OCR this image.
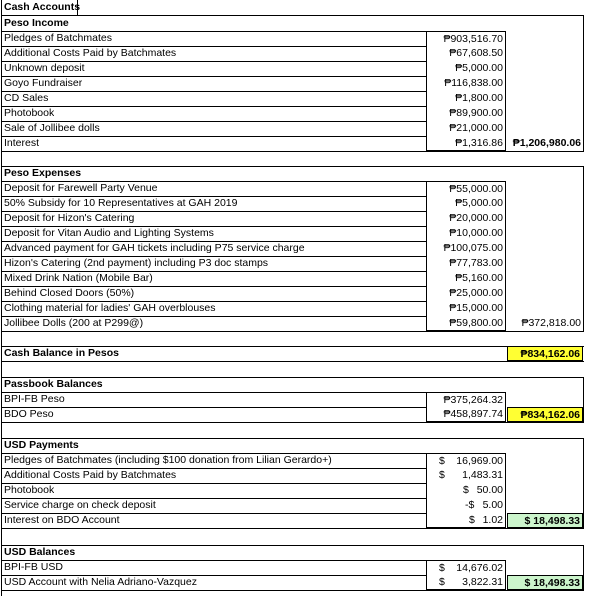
Cash Accounts
Peso Income
Pledges of Batchmates	₱903,516.70
Additional Costs Paid by Batchmates	₱67,608.50
Unknown deposit	₱5,000.00
Goyo Fundraiser	₱116,838.00
CD Sales	₱1,800.00
Photobook	₱89,900.00
Sale of Jollibee dolls	₱21,000.00
Interest	₱1,316.86 ₱1,206,980.06
Peso Expenses
Deposit for Farewell Party Venue	₱55,000.00
50% Subsidy for 10 Representatives at GAH 2019	₱5,000.00
Deposit for Hizon's Catering	₱20,000.00
Deposit for Vitan Audio and Lighting Systems	₱10,000.00
Advanced payment for GAH tickets including P75 service charge	₱100,075.00
Hizon's Catering (2nd payment) including P3 doc stamps	₱77,783.00
Mixed Drink Nation (Mobile Bar)	₱5,160.00
Behind Closed Doors (50%)	₱25,000.00
Clothing material for ladies' GAH overblouses	₱15,000.00
Jollibee Dolls (200 at P299@)	₱59,800.00	₱372,818.00
Cash Balance in Pesos	₱834,162.06
Passbook Balances
BPI-FB Peso	₱375,264.32
BDO Peso	₱458,897.74	₱834,162.06
USD Payments
Pledges of Batchmates (including $100 donation from Lilian Gerardo+)	$ 16,969.00
Additional Costs Paid by Batchmates	$ 1,483.31
Photobook	$ 50.00
Service charge on check deposit	-$ 5.00
Interest on BDO Account	$ 1.02	$ 18,498.33
USD Balances
BPI-FB USD	$ 14,676.02
USD Account with Nelia Adriano-Vazquez	$ 3,822.31	$ 18,498.33
